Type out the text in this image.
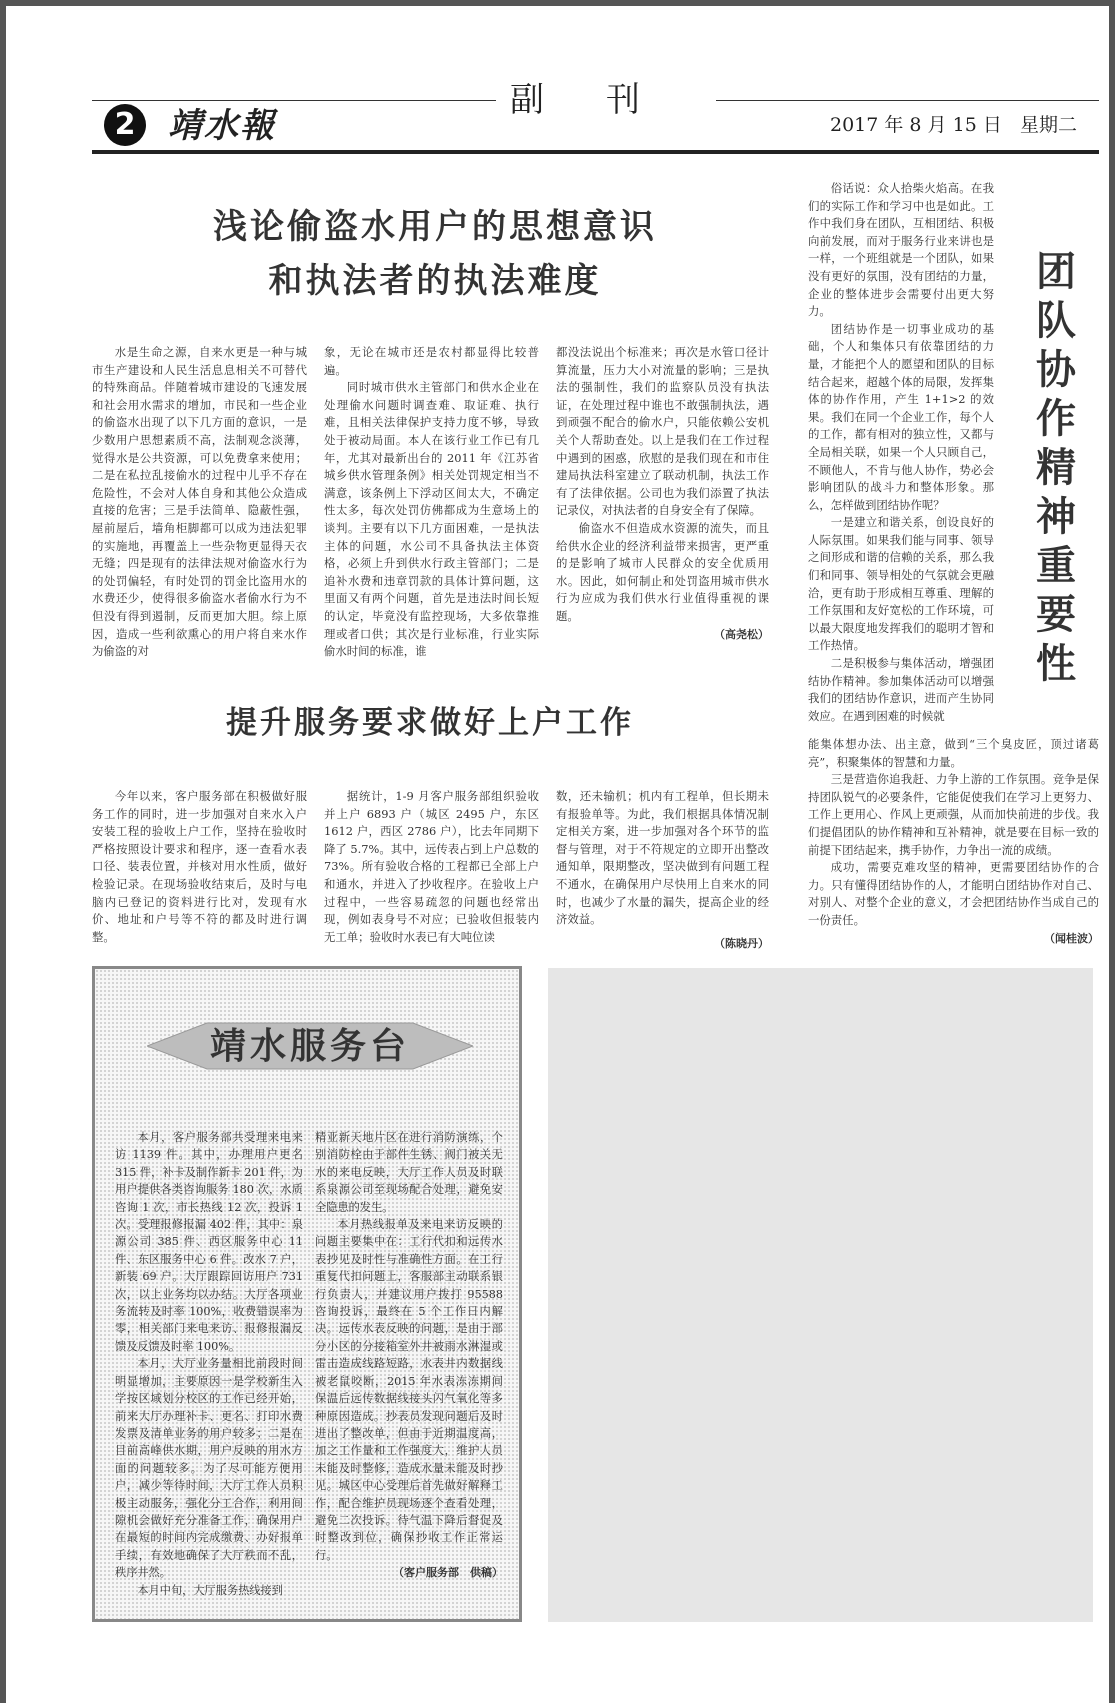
副刊
2 靖水報	2017 年 8 月 15 日 星期二
浅论偷盗水用户的思想意识
和执法者的执法难度

水是生命之源，自来水更是一种与城市生产建设和人民生活息息相关不可替代的特殊商品。伴随着城市建设的飞速发展和社会用水需求的增加，市民和一些企业的偷盗水出现了以下几方面的意识，一是少数用户思想素质不高，法制观念淡薄，觉得水是公共资源，可以免费拿来使用；二是在私拉乱接偷水的过程中儿乎不存在危险性，不会对人体自身和其他公众造成直接的危害；三是手法简单、隐蔽性强，屋前屋后，墙角柜脚都可以成为违法犯罪的实施地，再覆盖上一些杂物更显得天衣无缝；四是现有的法律法规对偷盗水行为的处罚偏轻，有时处罚的罚金比盗用水的水费还少，使得很多偷盗水者偷水行为不但没有得到遏制，反而更加大胆。综上原因，造成一些利欲熏心的用户将自来水作为偷盗的对

象，无论在城市还是农村都显得比较普遍。

同时城市供水主管部门和供水企业在处理偷水问题时调查难、取证难、执行难，且相关法律保护支持力度不够，导致处于被动局面。本人在该行业工作已有几年，尤其对最新出台的 2011 年《江苏省城乡供水管理条例》相关处罚规定相当不满意，该条例上下浮动区间太大，不确定性太多，每次处罚仿佛都成为生意场上的谈判。主要有以下几方面困难，一是执法主体的问题，水公司不具备执法主体资格，必须上升到供水行政主管部门；二是追补水费和违章罚款的具体计算问题，这里面又有两个问题，首先是违法时间长短的认定，毕竟没有监控现场，大多依靠推理或者口供；其次是行业标准，行业实际偷水时间的标准，谁

都没法说出个标准来；再次是水管口径计算流量，压力大小对流量的影响；三是执法的强制性，我们的监察队员没有执法证，在处理过程中谁也不敢强制执法，遇到顽强不配合的偷水户，只能依赖公安机关个人帮助查处。以上是我们在工作过程中遇到的困惑，欣慰的是我们现在和市住建局执法科室建立了联动机制，执法工作有了法律依据。公司也为我们添置了执法记录仪，对执法者的自身安全有了保障。

偷盗水不但造成水资源的流失，而且给供水企业的经济利益带来损害，更严重的是影响了城市人民群众的安全优质用水。因此，如何制止和处罚盗用城市供水行为应成为我们供水行业值得重视的课题。

（高尧松）
提升服务要求做好上户工作

今年以来，客户服务部在积极做好服务工作的同时，进一步加强对自来水入户安装工程的验收上户工作，坚持在验收时严格按照设计要求和程序，逐一查看水表口径、装表位置，并核对用水性质，做好检验记录。在现场验收结束后，及时与电脑内已登记的资料进行比对，发现有水价、地址和户号等不符的都及时进行调整。

据统计，1-9 月客户服务部组织验收并上户 6893 户（城区 2495 户，东区 1612 户，西区 2786 户），比去年同期下降了 5.7%。其中，远传表占到上户总数的 73%。所有验收合格的工程都已全部上户和通水，并进入了抄收程序。在验收上户过程中，一些容易疏忽的问题也经常出现，例如表身号不对应；已验收但报装内无工单；验收时水表已有大吨位读

数，还未输机；机内有工程单，但长期未有报验单等。为此，我们根据具体情况制定相关方案，进一步加强对各个环节的监督与管理，对于不符规定的立即开出整改通知单，限期整改，坚决做到有问题工程不通水，在确保用户尽快用上自来水的同时，也减少了水量的漏失，提高企业的经济效益。

（陈晓丹）

俗话说：众人拾柴火焰高。在我们的实际工作和学习中也是如此。工作中我们身在团队，互相团结、积极向前发展，而对于服务行业来讲也是一样，一个班组就是一个团队，如果没有更好的氛围，没有团结的力量，企业的整体进步会需要付出更大努力。

团结协作是一切事业成功的基础，个人和集体只有依靠团结的力量，才能把个人的愿望和团队的目标结合起来，超越个体的局限，发挥集体的协作作用，产生 1+1>2 的效果。我们在同一个企业工作，每个人的工作，都有相对的独立性，又都与全局相关联，如果一个人只顾自己，不顾他人，不肯与他人协作，势必会影响团队的战斗力和整体形象。那么，怎样做到团结协作呢？

一是建立和谐关系，创设良好的人际氛围。如果我们能与同事、领导之间形成和谐的信赖的关系，那么我们和同事、领导相处的气氛就会更融洽，更有助于形成相互尊重、理解的工作氛围和友好宽松的工作环境，可以最大限度地发挥我们的聪明才智和工作热情。

二是积极参与集体活动，增强团结协作精神。参加集体活动可以增强我们的团结协作意识，进而产生协同效应。在遇到困难的时候就

团
队
协
作
精
神
重
要
性

能集体想办法、出主意，做到“三个臭皮匠，顶过诸葛亮”，积聚集体的智慧和力量。

三是营造你追我赶、力争上游的工作氛围。竞争是保持团队锐气的必要条件，它能促使我们在学习上更努力、工作上更用心、作风上更顽强，从而加快前进的步伐。我们提倡团队的协作精神和互补精神，就是要在目标一致的前提下团结起来，携手协作，力争出一流的成绩。

成功，需要克难攻坚的精神，更需要团结协作的合力。只有懂得团结协作的人，才能明白团结协作对自己、对别人、对整个企业的意义，才会把团结协作当成自己的一份责任。

（闻桂波）
靖水服务台

本月，客户服务部共受理来电来访 1139 件。其中，办理用户更名 315 件，补卡及制作新卡 201 件，为用户提供各类咨询服务 180 次，水质咨询 1 次，市长热线 12 次，投诉 1 次。受理报修报漏 402 件，其中：泉源公司 385 件、西区服务中心 11 件、东区服务中心 6 件。改水 7 户，新装 69 户。大厅跟踪回访用户 731 次，以上业务均以办结。大厅各项业务流转及时率 100%，收费错误率为零，相关部门来电来访、报修报漏反馈及反馈及时率 100%。

本月，大厅业务量相比前段时间明显增加，主要原因一是学校新生入学按区域划分校区的工作已经开始，前来大厅办理补卡、更名、打印水费发票及清单业务的用户较多；二是在目前高峰供水期，用户反映的用水方面的问题较多。为了尽可能方便用户，减少等待时间，大厅工作人员积极主动服务，强化分工合作，利用间隙机会做好充分准备工作，确保用户在最短的时间内完成缴费、办好报单手续，有效地确保了大厅秩而不乱，秩序井然。

本月中旬，大厅服务热线接到

精亚新天地片区在进行消防演练，个别消防栓由于部件生锈、阀门被关无水的来电反映，大厅工作人员及时联系泉源公司至现场配合处理，避免安全隐患的发生。

本月热线报单及来电来访反映的问题主要集中在：工行代扣和远传水表抄见及时性与准确性方面。在工行重复代扣问题上，客服部主动联系银行负责人，并建议用户拨打 95588 咨询投诉，最终在 5 个工作日内解决。远传水表反映的问题，是由于部分小区的分接箱室外井被雨水淋湿或雷击造成线路短路，水表井内数据线被老鼠咬断，2015 年水表冻冻期间保温后远传数据线接头闪气氧化等多种原因造成。抄表员发现问题后及时进出了整改单，但由于近期温度高，加之工作量和工作强度大，维护人员未能及时整修，造成水量未能及时抄见。城区中心受理后首先做好解释工作，配合维护员现场逐个查看处理，避免二次投诉。待气温下降后督促及时整改到位，确保抄收工作正常运行。

（客户服务部　供稿）
